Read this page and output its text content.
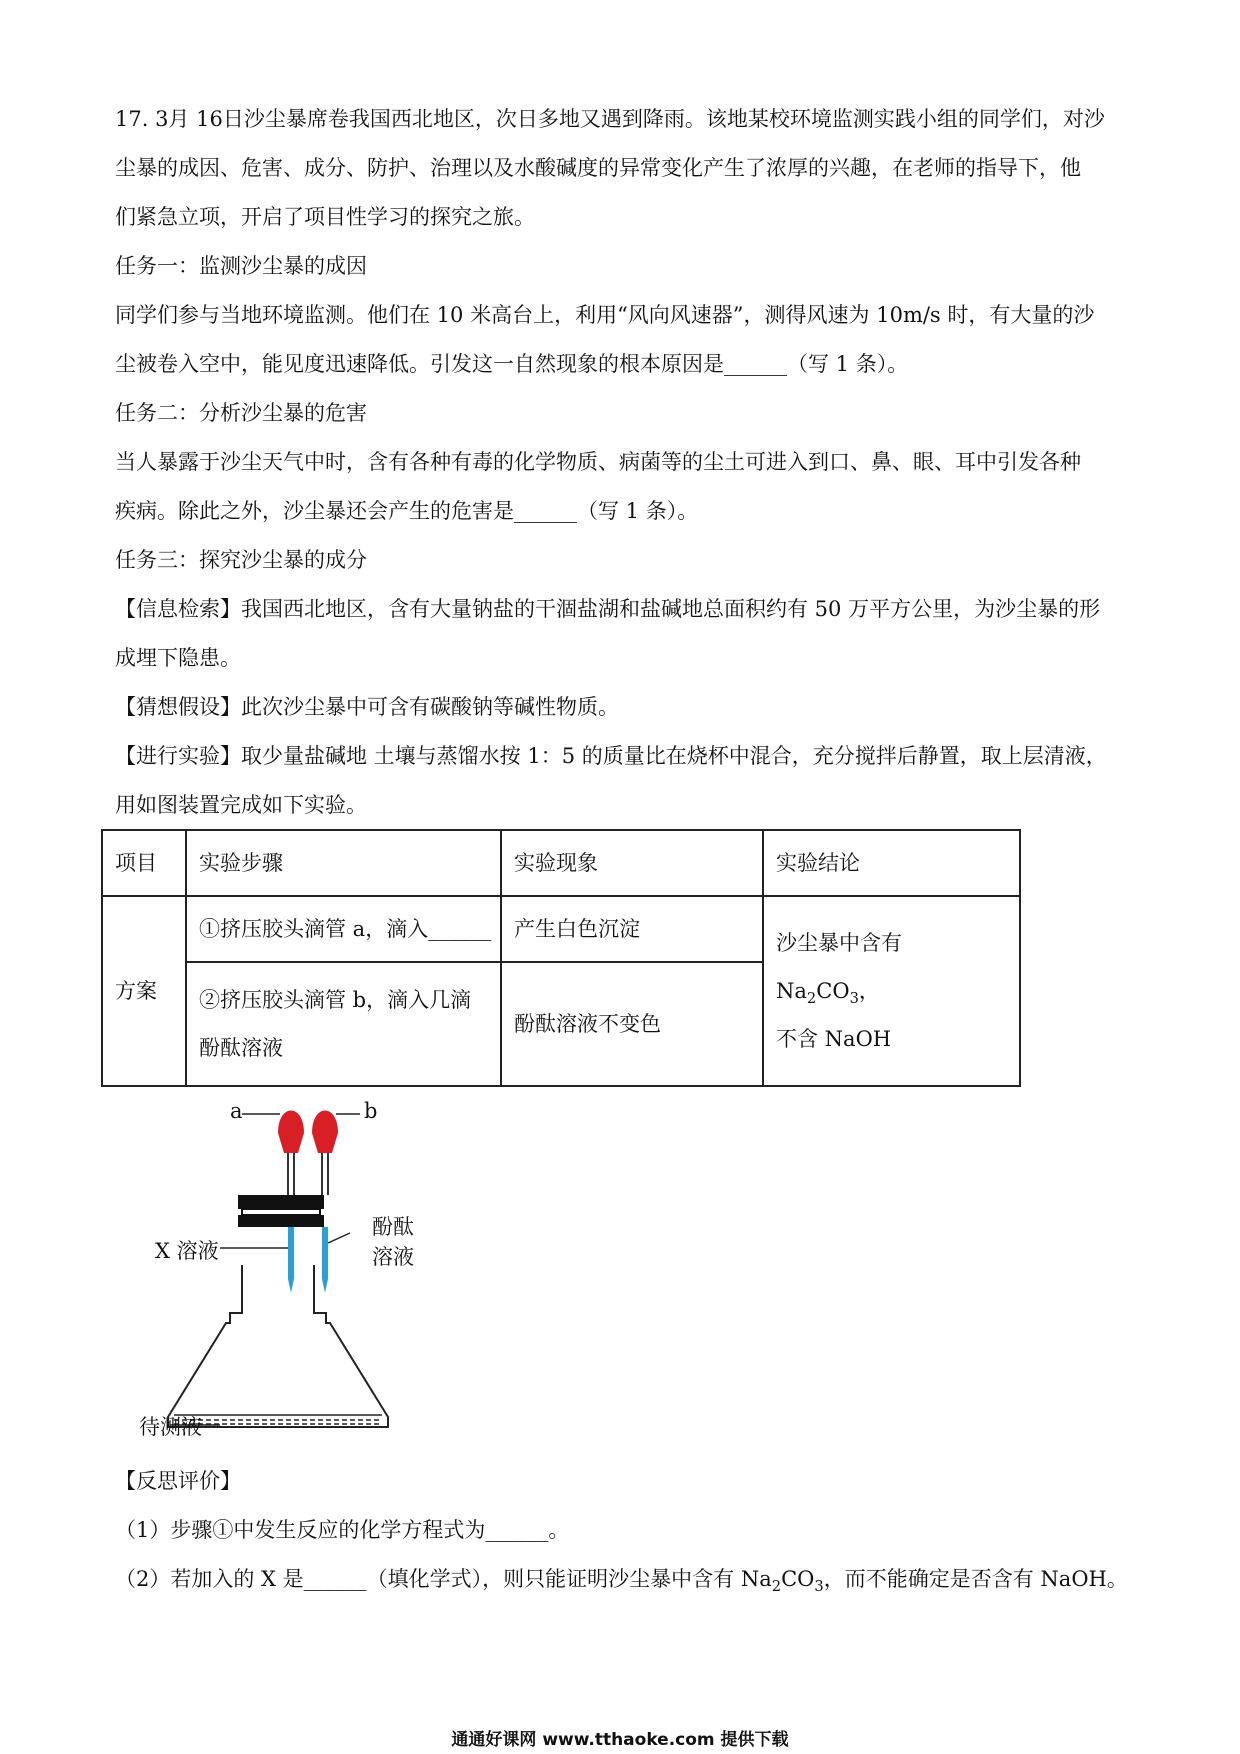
17. 3月 16日沙尘暴席卷我国西北地区，次日多地又遇到降雨。该地某校环境监测实践小组的同学们，对沙

尘暴的成因、危害、成分、防护、治理以及水酸碱度的异常变化产生了浓厚的兴趣，在老师的指导下，他

们紧急立项，开启了项目性学习的探究之旅。

任务一：监测沙尘暴的成因

同学们参与当地环境监测。他们在 10 米高台上，利用“风向风速器”，测得风速为 10m/s 时，有大量的沙

尘被卷入空中，能见度迅速降低。引发这一自然现象的根本原因是______（写 1 条）。

任务二：分析沙尘暴的危害

当人暴露于沙尘天气中时，含有各种有毒的化学物质、病菌等的尘土可进入到口、鼻、眼、耳中引发各种

疾病。除此之外，沙尘暴还会产生的危害是______（写 1 条）。

任务三：探究沙尘暴的成分

【信息检索】我国西北地区，含有大量钠盐的干涸盐湖和盐碱地总面积约有 50 万平方公里，为沙尘暴的形

成埋下隐患。

【猜想假设】此次沙尘暴中可含有碳酸钠等碱性物质。

【进行实验】取少量盐碱地 土壤与蒸馏水按 1：5 的质量比在烧杯中混合，充分搅拌后静置，取上层清液，

用如图装置完成如下实验。

项目	实验步骤	实验现象	实验结论
方案	①挤压胶头滴管 a，滴入______	产生白色沉淀	沙尘暴中含有 $Na_2CO_3$，
不含 NaOH

	②挤压胶头滴管 b，滴入几滴
酚酞溶液	酚酞溶液不变色	
a	b
X 溶液
酚酞
溶液
待测液

【反思评价】

（1）步骤①中发生反应的化学方程式为______。

（2）若加入的 X 是______（填化学式），则只能证明沙尘暴中含有 $Na_2CO_3$，而不能确定是否含有 NaOH。

通通好课网 www.tthaoke.com 提供下载
